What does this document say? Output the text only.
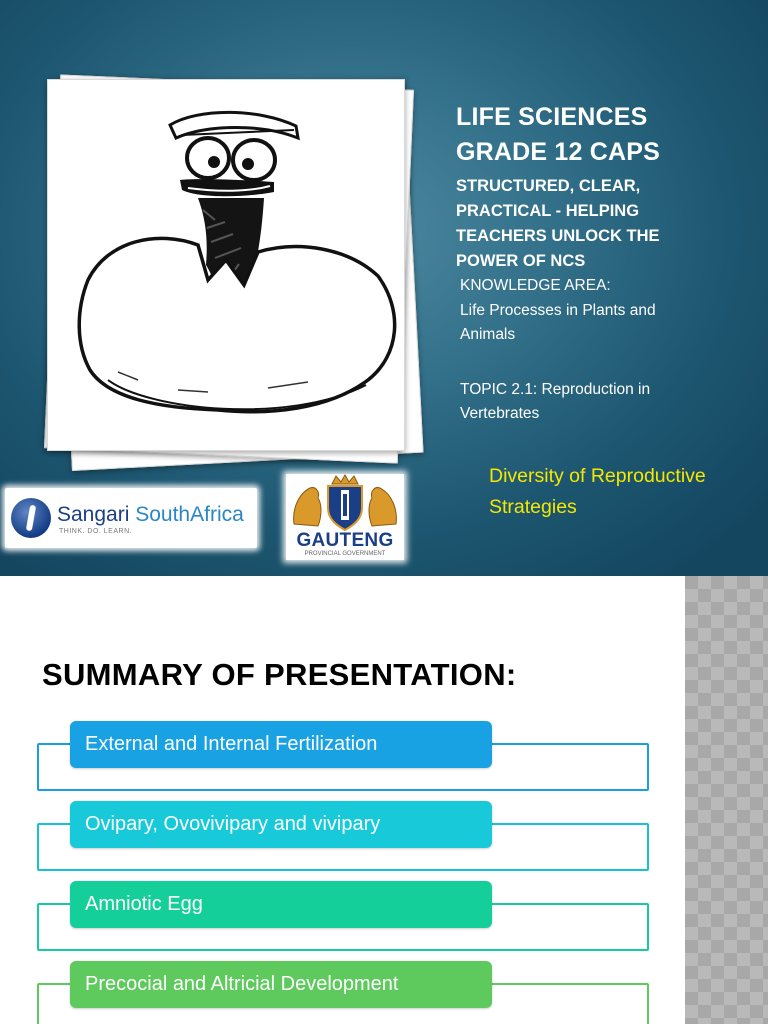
LIFE SCIENCES
GRADE 12 CAPS
STRUCTURED, CLEAR,
PRACTICAL - HELPING
TEACHERS UNLOCK THE
POWER OF NCS
KNOWLEDGE AREA:
Life Processes in Plants and
Animals
TOPIC 2.1: Reproduction in
Vertebrates
Diversity of Reproductive
Strategies
Sangari SouthAfrica
THINK. DO. LEARN.	GAUTENG
PROVINCIAL GOVERNMENT
SUMMARY OF PRESENTATION:
External and Internal Fertilization
Ovipary, Ovovivipary and vivipary
Amniotic Egg
Precocial and Altricial Development
